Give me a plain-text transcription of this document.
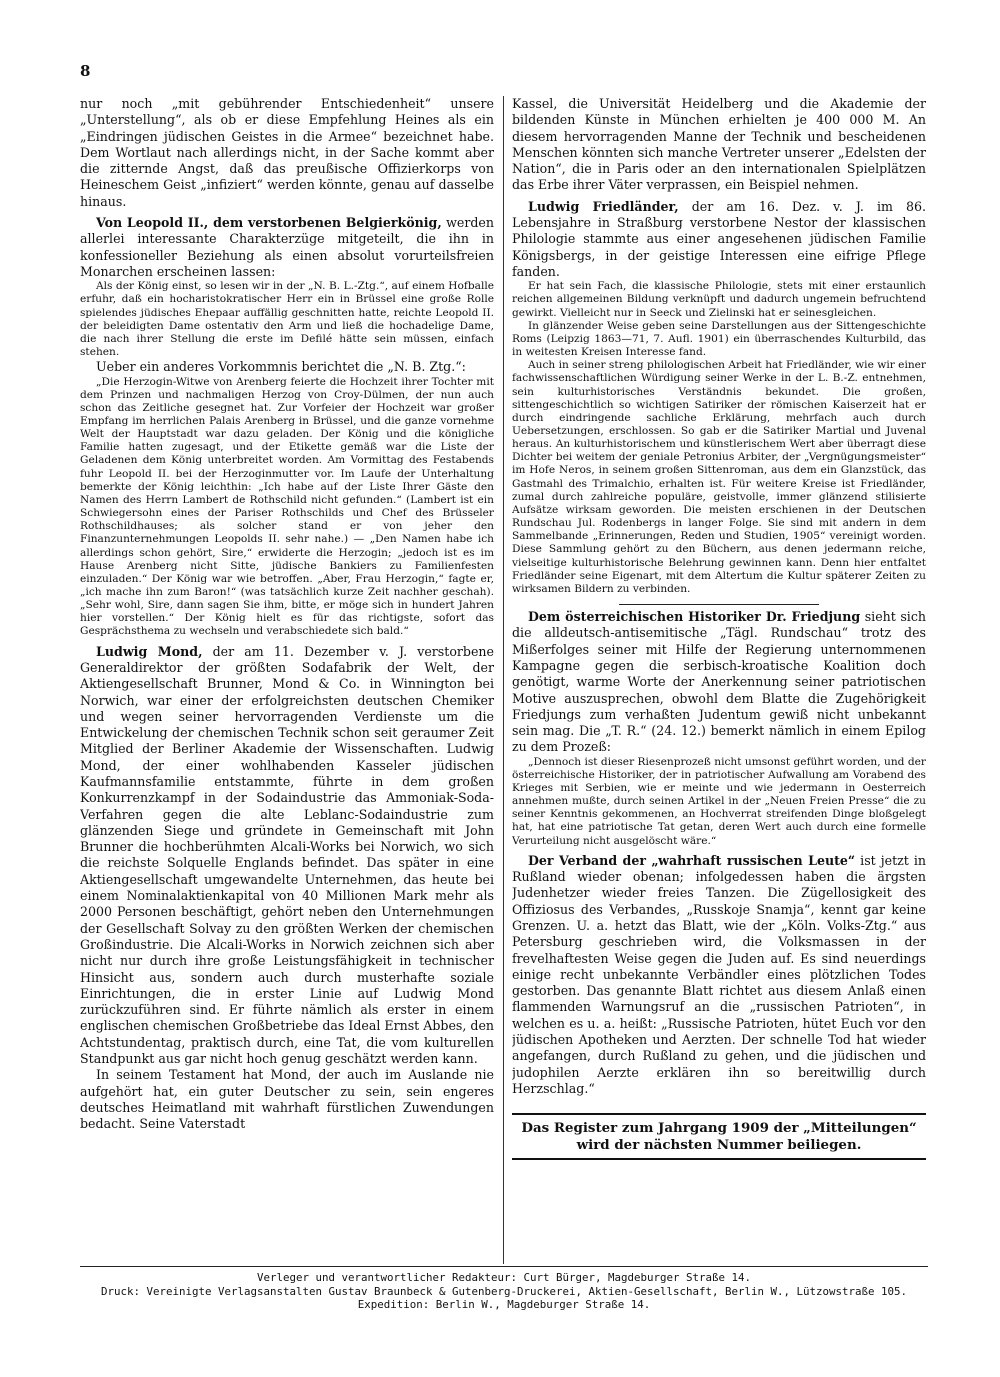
8

nur noch „mit gebührender Entschiedenheit“ unsere „Unterstellung“, als ob er diese Empfehlung Heines als ein „Eindringen jüdischen Geistes in die Armee“ bezeichnet habe. Dem Wortlaut nach allerdings nicht, in der Sache kommt aber die zitternde Angst, daß das preußische Offizierkorps von Heineschem Geist „infiziert“ werden könnte, genau auf dasselbe hinaus.

Von Leopold II., dem verstorbenen Belgierkönig, werden allerlei interessante Charakterzüge mitgeteilt, die ihn in konfessioneller Beziehung als einen absolut vorurteilsfreien Monarchen erscheinen lassen:

Als der König einst, so lesen wir in der „N. B. L.-Ztg.“, auf einem Hofballe erfuhr, daß ein hocharistokratischer Herr ein in Brüssel eine große Rolle spielendes jüdisches Ehepaar auffällig geschnitten hatte, reichte Leopold II. der beleidigten Dame ostentativ den Arm und ließ die hochadelige Dame, die nach ihrer Stellung die erste im Defilé hätte sein müssen, einfach stehen.

Ueber ein anderes Vorkommnis berichtet die „N. B. Ztg.“:

„Die Herzogin-Witwe von Arenberg feierte die Hochzeit ihrer Tochter mit dem Prinzen und nachmaligen Herzog von Croy-Dülmen, der nun auch schon das Zeitliche gesegnet hat. Zur Vorfeier der Hochzeit war großer Empfang im herrlichen Palais Arenberg in Brüssel, und die ganze vornehme Welt der Hauptstadt war dazu geladen. Der König und die königliche Familie hatten zugesagt, und der Etikette gemäß war die Liste der Geladenen dem König unterbreitet worden. Am Vormittag des Festabends fuhr Leopold II. bei der Herzoginmutter vor. Im Laufe der Unterhaltung bemerkte der König leichthin: „Ich habe auf der Liste Ihrer Gäste den Namen des Herrn Lambert de Rothschild nicht gefunden.“ (Lambert ist ein Schwiegersohn eines der Pariser Rothschilds und Chef des Brüsseler Rothschildhauses; als solcher stand er von jeher den Finanzunternehmungen Leopolds II. sehr nahe.) — „Den Namen habe ich allerdings schon gehört, Sire,“ erwiderte die Herzogin; „jedoch ist es im Hause Arenberg nicht Sitte, jüdische Bankiers zu Familienfesten einzuladen.“ Der König war wie betroffen. „Aber, Frau Herzogin,“ fagte er, „ich mache ihn zum Baron!“ (was tatsächlich kurze Zeit nachher geschah). „Sehr wohl, Sire, dann sagen Sie ihm, bitte, er möge sich in hundert Jahren hier vorstellen.“ Der König hielt es für das richtigste, sofort das Gesprächsthema zu wechseln und verabschiedete sich bald.“

Ludwig Mond, der am 11. Dezember v. J. verstorbene Generaldirektor der größten Sodafabrik der Welt, der Aktiengesellschaft Brunner, Mond & Co. in Winnington bei Norwich, war einer der erfolgreichsten deutschen Chemiker und wegen seiner hervorragenden Verdienste um die Entwickelung der chemischen Technik schon seit geraumer Zeit Mitglied der Berliner Akademie der Wissenschaften. Ludwig Mond, der einer wohlhabenden Kasseler jüdischen Kaufmannsfamilie entstammte, führte in dem großen Konkurrenzkampf in der Sodaindustrie das Ammoniak-Soda-Verfahren gegen die alte Leblanc-Sodaindustrie zum glänzenden Siege und gründete in Gemeinschaft mit John Brunner die hochberühmten Alcali-Works bei Norwich, wo sich die reichste Solquelle Englands befindet. Das später in eine Aktiengesellschaft umgewandelte Unternehmen, das heute bei einem Nominalaktienkapital von 40 Millionen Mark mehr als 2000 Personen beschäftigt, gehört neben den Unternehmungen der Gesellschaft Solvay zu den größten Werken der chemischen Großindustrie. Die Alcali-Works in Norwich zeichnen sich aber nicht nur durch ihre große Leistungsfähigkeit in technischer Hinsicht aus, sondern auch durch musterhafte soziale Einrichtungen, die in erster Linie auf Ludwig Mond zurückzuführen sind. Er führte nämlich als erster in einem englischen chemischen Großbetriebe das Ideal Ernst Abbes, den Achtstundentag, praktisch durch, eine Tat, die vom kulturellen Standpunkt aus gar nicht hoch genug geschätzt werden kann.

In seinem Testament hat Mond, der auch im Auslande nie aufgehört hat, ein guter Deutscher zu sein, sein engeres deutsches Heimatland mit wahrhaft fürstlichen Zuwendungen bedacht. Seine Vaterstadt

Kassel, die Universität Heidelberg und die Akademie der bildenden Künste in München erhielten je 400 000 M. An diesem hervorragenden Manne der Technik und bescheidenen Menschen könnten sich manche Vertreter unserer „Edelsten der Nation“, die in Paris oder an den internationalen Spielplätzen das Erbe ihrer Väter verprassen, ein Beispiel nehmen.

Ludwig Friedländer, der am 16. Dez. v. J. im 86. Lebensjahre in Straßburg verstorbene Nestor der klassischen Philologie stammte aus einer angesehenen jüdischen Familie Königsbergs, in der geistige Interessen eine eifrige Pflege fanden.

Er hat sein Fach, die klassische Philologie, stets mit einer erstaunlich reichen allgemeinen Bildung verknüpft und dadurch ungemein befruchtend gewirkt. Vielleicht nur in Seeck und Zielinski hat er seinesgleichen.

In glänzender Weise geben seine Darstellungen aus der Sittengeschichte Roms (Leipzig 1863—71, 7. Aufl. 1901) ein überraschendes Kulturbild, das in weitesten Kreisen Interesse fand.

Auch in seiner streng philologischen Arbeit hat Friedländer, wie wir einer fachwissenschaftlichen Würdigung seiner Werke in der L. B.-Z. entnehmen, sein kulturhistorisches Verständnis bekundet. Die großen, sittengeschichtlich so wichtigen Satiriker der römischen Kaiserzeit hat er durch eindringende sachliche Erklärung, mehrfach auch durch Uebersetzungen, erschlossen. So gab er die Satiriker Martial und Juvenal heraus. An kulturhistorischem und künstlerischem Wert aber überragt diese Dichter bei weitem der geniale Petronius Arbiter, der „Vergnügungsmeister“ im Hofe Neros, in seinem großen Sittenroman, aus dem ein Glanzstück, das Gastmahl des Trimalchio, erhalten ist. Für weitere Kreise ist Friedländer, zumal durch zahlreiche populäre, geistvolle, immer glänzend stilisierte Aufsätze wirksam geworden. Die meisten erschienen in der Deutschen Rundschau Jul. Rodenbergs in langer Folge. Sie sind mit andern in dem Sammelbande „Erinnerungen, Reden und Studien, 1905“ vereinigt worden. Diese Sammlung gehört zu den Büchern, aus denen jedermann reiche, vielseitige kulturhistorische Belehrung gewinnen kann. Denn hier entfaltet Friedländer seine Eigenart, mit dem Altertum die Kultur späterer Zeiten zu wirksamen Bildern zu verbinden.

Dem österreichischen Historiker Dr. Friedjung sieht sich die alldeutsch-antisemitische „Tägl. Rundschau“ trotz des Mißerfolges seiner mit Hilfe der Regierung unternommenen Kampagne gegen die serbisch-kroatische Koalition doch genötigt, warme Worte der Anerkennung seiner patriotischen Motive auszusprechen, obwohl dem Blatte die Zugehörigkeit Friedjungs zum verhaßten Judentum gewiß nicht unbekannt sein mag. Die „T. R.“ (24. 12.) bemerkt nämlich in einem Epilog zu dem Prozeß:

„Dennoch ist dieser Riesenprozeß nicht umsonst geführt worden, und der österreichische Historiker, der in patriotischer Aufwallung am Vorabend des Krieges mit Serbien, wie er meinte und wie jedermann in Oesterreich annehmen mußte, durch seinen Artikel in der „Neuen Freien Presse“ die zu seiner Kenntnis gekommenen, an Hochverrat streifenden Dinge bloßgelegt hat, hat eine patriotische Tat getan, deren Wert auch durch eine formelle Verurteilung nicht ausgelöscht wäre.“

Der Verband der „wahrhaft russischen Leute“ ist jetzt in Rußland wieder obenan; infolgedessen haben die ärgsten Judenhetzer wieder freies Tanzen. Die Zügellosigkeit des Offiziosus des Verbandes, „Russkoje Snamja“, kennt gar keine Grenzen. U. a. hetzt das Blatt, wie der „Köln. Volks-Ztg.“ aus Petersburg geschrieben wird, die Volksmassen in der frevelhaftesten Weise gegen die Juden auf. Es sind neuerdings einige recht unbekannte Verbändler eines plötzlichen Todes gestorben. Das genannte Blatt richtet aus diesem Anlaß einen flammenden Warnungsruf an die „russischen Patrioten“, in welchen es u. a. heißt: „Russische Patrioten, hütet Euch vor den jüdischen Apotheken und Aerzten. Der schnelle Tod hat wieder angefangen, durch Rußland zu gehen, und die jüdischen und judophilen Aerzte erklären ihn so bereitwillig durch Herzschlag.“

Das Register zum Jahrgang 1909 der „Mitteilungen“ wird der nächsten Nummer beiliegen.
Verleger und verantwortlicher Redakteur: Curt Bürger, Magdeburger Straße 14.
Druck: Vereinigte Verlagsanstalten Gustav Braunbeck & Gutenberg-Druckerei, Aktien-Gesellschaft, Berlin W., Lützowstraße 105.
Expedition: Berlin W., Magdeburger Straße 14.
